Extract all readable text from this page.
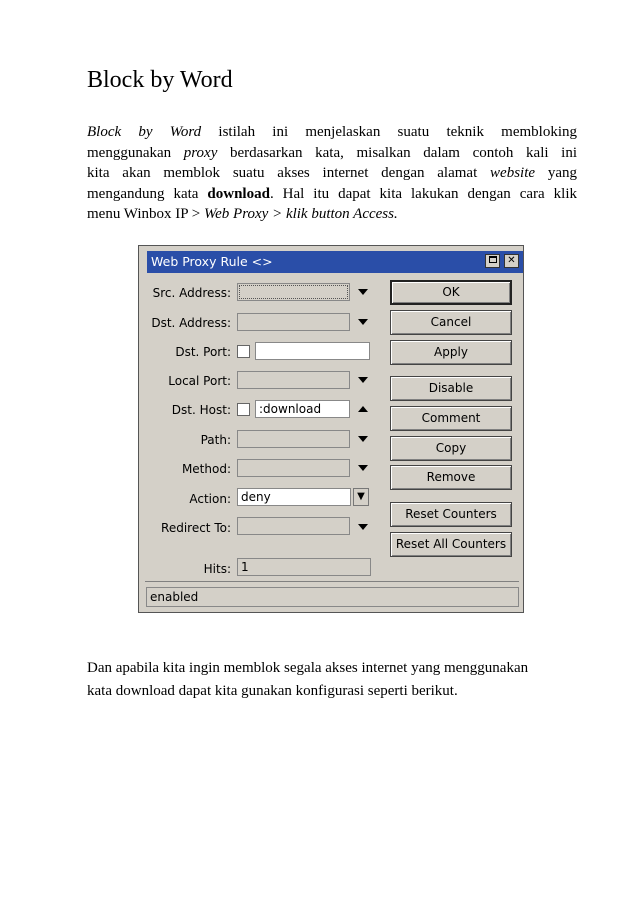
Block by Word
Block by Word istilah ini menjelaskan suatu teknik membloking
menggunakan proxy berdasarkan kata, misalkan dalam contoh kali ini
kita akan memblok suatu akses internet dengan alamat website yang
mengandung kata download. Hal itu dapat kita lakukan dengan cara klik
menu Winbox IP > Web Proxy > klik button Access.
Web Proxy Rule <>	✕
Src. Address:
Dst. Address:
Dst. Port:
Local Port:
Dst. Host: :download
Path:
Method:
Action: deny	▼
Redirect To:
Hits: 1
OK
Cancel
Apply
Disable
Comment
Copy
Remove
Reset Counters
Reset All Counters
enabled
Dan apabila kita ingin memblok segala akses internet yang menggunakan
kata download dapat kita gunakan konfigurasi seperti berikut.
